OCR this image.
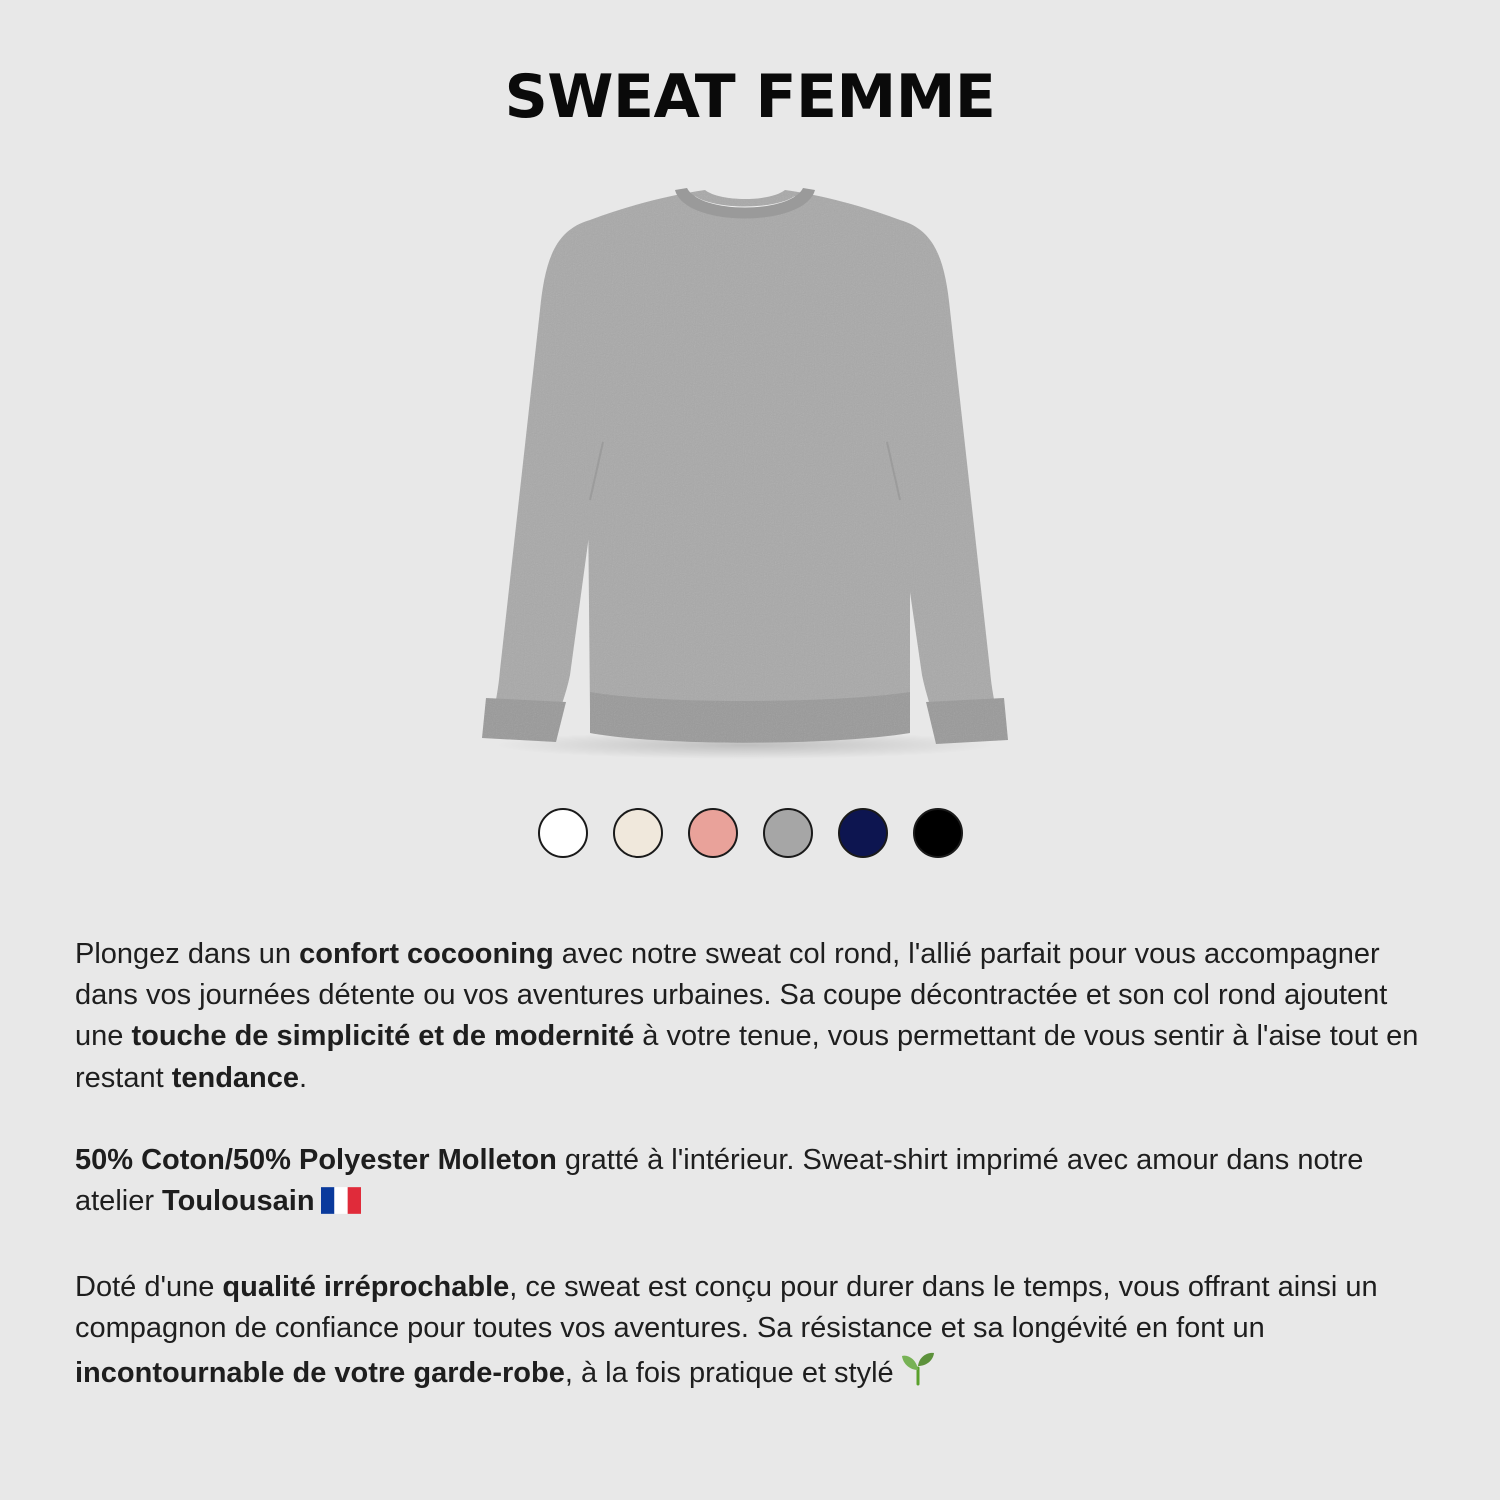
SWEAT FEMME

Plongez dans un confort cocooning avec notre sweat col rond, l'allié parfait pour vous accompagner dans vos journées détente ou vos aventures urbaines. Sa coupe décontractée et son col rond ajoutent une touche de simplicité et de modernité à votre tenue, vous permettant de vous sentir à l'aise tout en restant tendance.

50% Coton/50% Polyester Molleton gratté à l'intérieur. Sweat-shirt imprimé avec amour dans notre atelier Toulousain

Doté d'une qualité irréprochable, ce sweat est conçu pour durer dans le temps, vous offrant ainsi un compagnon de confiance pour toutes vos aventures. Sa résistance et sa longévité en font un incontournable de votre garde-robe, à la fois pratique et stylé
